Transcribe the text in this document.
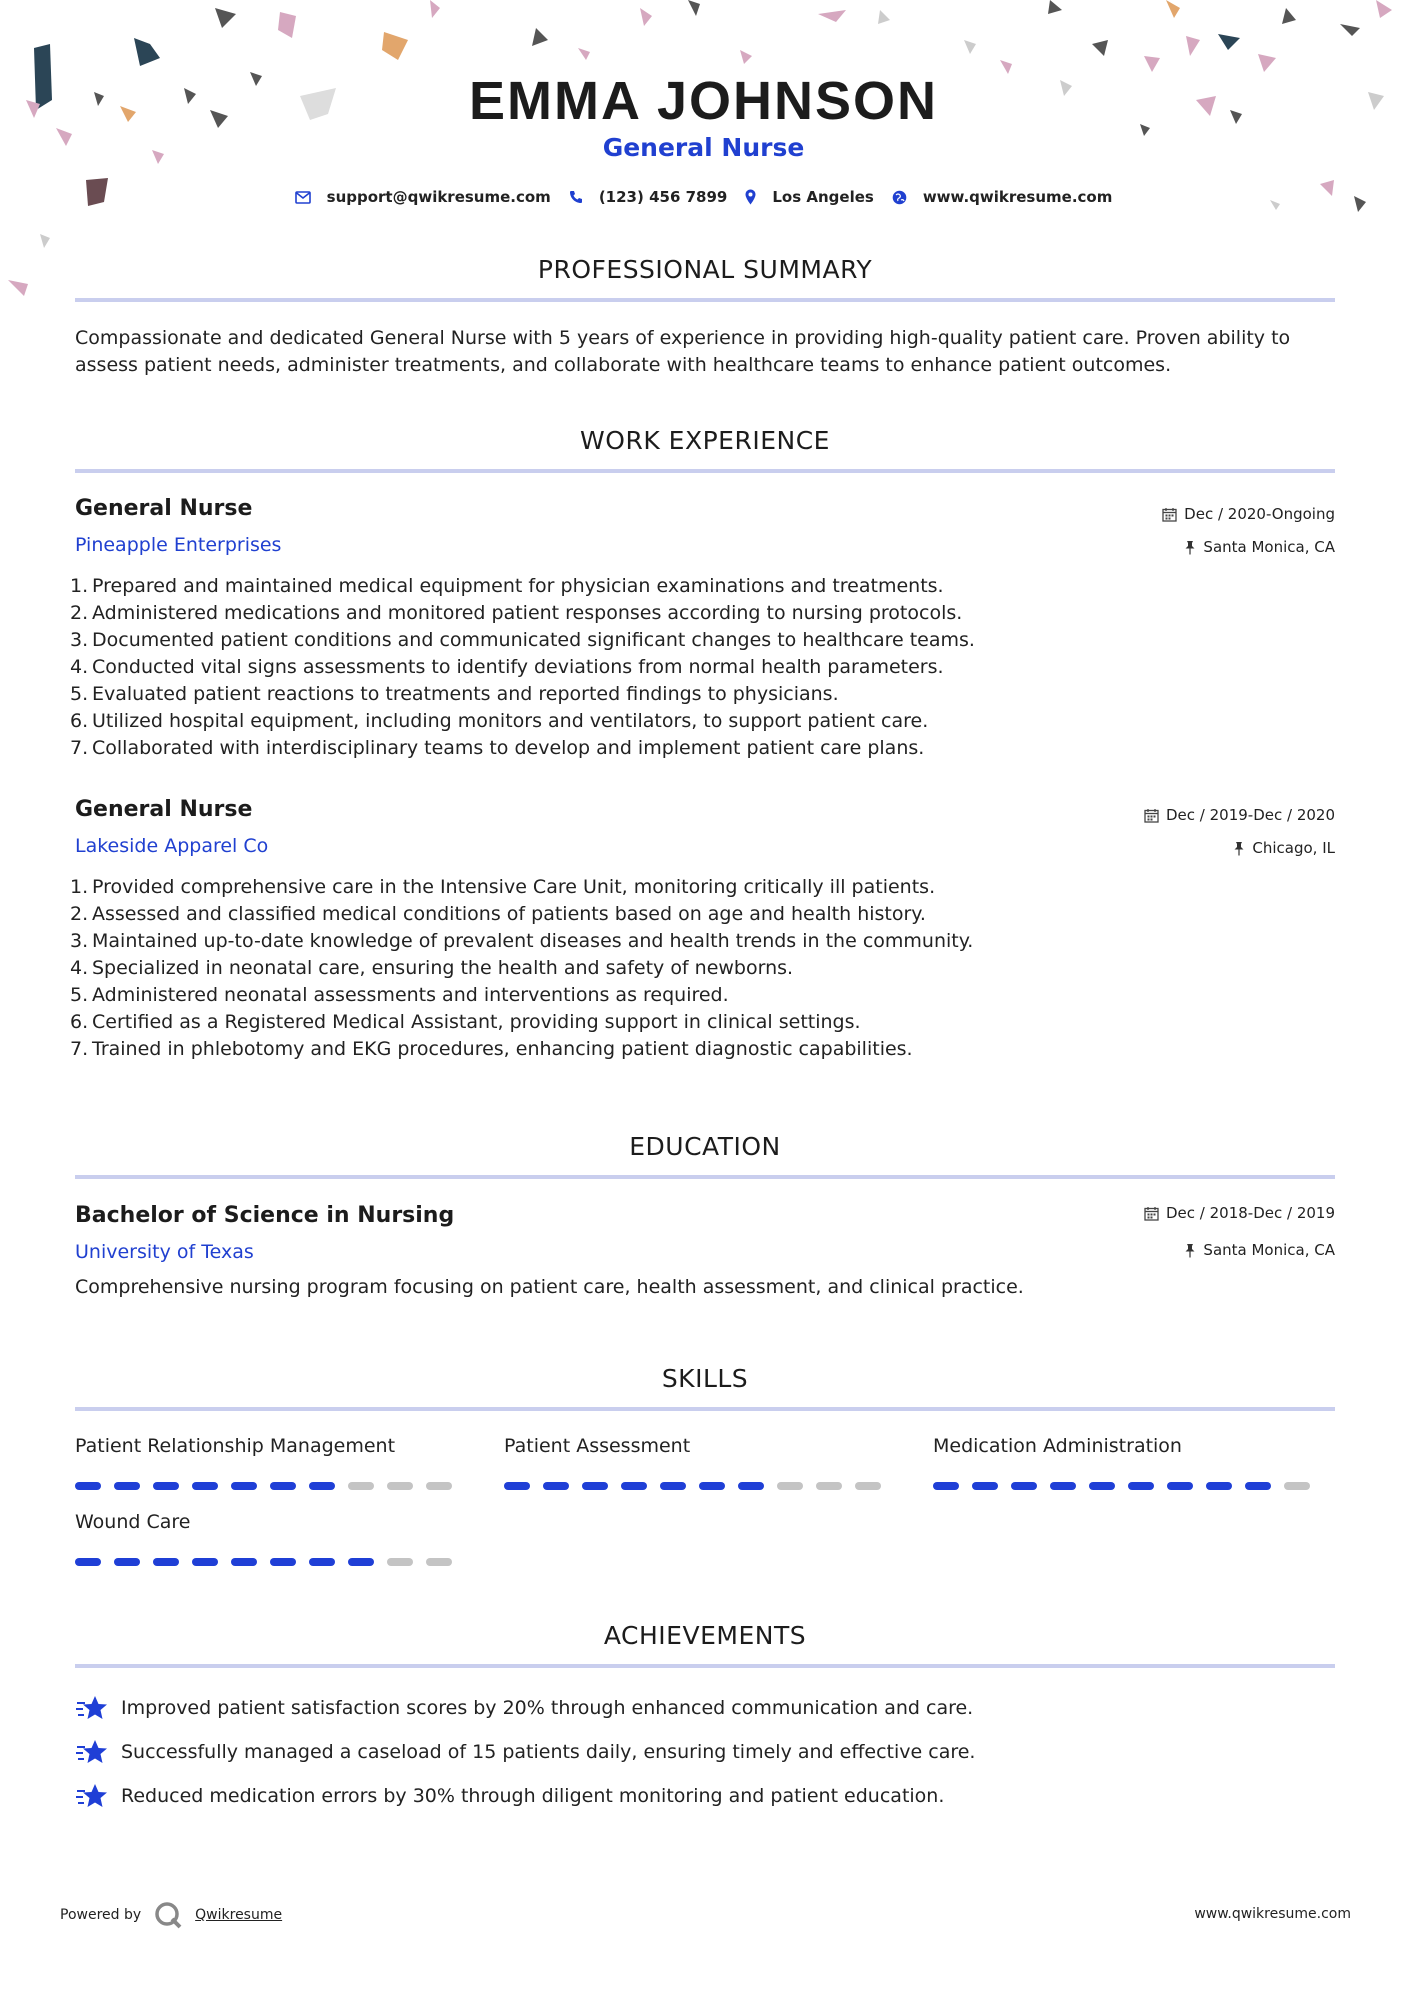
EMMA JOHNSON
General Nurse
support@qwikresume.com	(123) 456 7899	Los Angeles	www.qwikresume.com
PROFESSIONAL SUMMARY
Compassionate and dedicated General Nurse with 5 years of experience in providing high-quality patient care. Proven ability to assess patient needs, administer treatments, and collaborate with healthcare teams to enhance patient outcomes.
WORK EXPERIENCE
General Nurse
Pineapple Enterprises
Dec / 2020-Ongoing
Santa Monica, CA
Prepared and maintained medical equipment for physician examinations and treatments.
Administered medications and monitored patient responses according to nursing protocols.
Documented patient conditions and communicated significant changes to healthcare teams.
Conducted vital signs assessments to identify deviations from normal health parameters.
Evaluated patient reactions to treatments and reported findings to physicians.
Utilized hospital equipment, including monitors and ventilators, to support patient care.
Collaborated with interdisciplinary teams to develop and implement patient care plans.
General Nurse
Lakeside Apparel Co
Dec / 2019-Dec / 2020
Chicago, IL
Provided comprehensive care in the Intensive Care Unit, monitoring critically ill patients.
Assessed and classified medical conditions of patients based on age and health history.
Maintained up-to-date knowledge of prevalent diseases and health trends in the community.
Specialized in neonatal care, ensuring the health and safety of newborns.
Administered neonatal assessments and interventions as required.
Certified as a Registered Medical Assistant, providing support in clinical settings.
Trained in phlebotomy and EKG procedures, enhancing patient diagnostic capabilities.
EDUCATION
Bachelor of Science in Nursing
University of Texas
Dec / 2018-Dec / 2019
Santa Monica, CA
Comprehensive nursing program focusing on patient care, health assessment, and clinical practice.
SKILLS
Patient Relationship Management	Patient Assessment	Medication Administration
Wound Care
ACHIEVEMENTS
Improved patient satisfaction scores by 20% through enhanced communication and care.
Successfully managed a caseload of 15 patients daily, ensuring timely and effective care.
Reduced medication errors by 30% through diligent monitoring and patient education.
Powered by	Qwikresume	www.qwikresume.com
